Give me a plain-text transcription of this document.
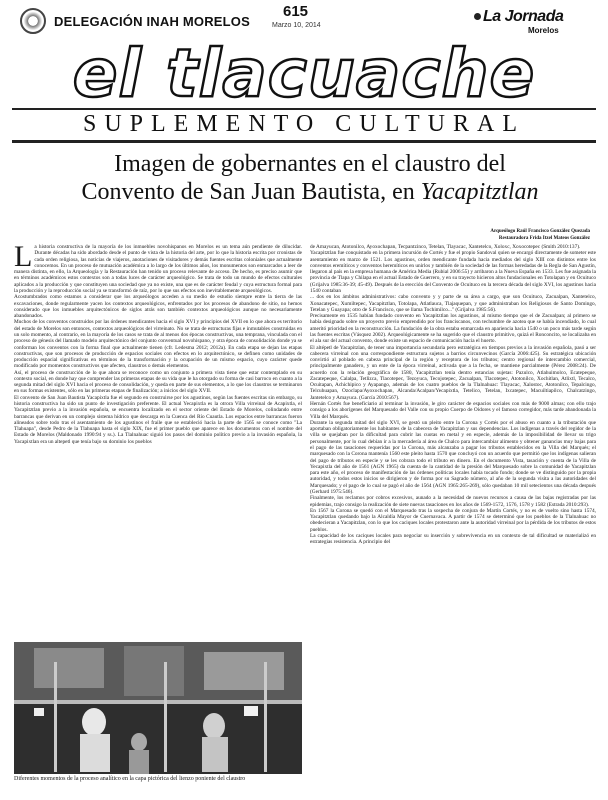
DELEGACIÓN INAH MORELOS
615
Marzo 10, 2014
La Jornada
Morelos
el tlacuache
SUPLEMENTO CULTURAL
Imagen de gobernantes en el claustro del
Convento de San Juan Bautista, en Yacapitztlan
Arqueólogo Raúl Francisco González Quezada
Restauradora Frida Itzel Mateos González

La historia constructiva de la mayoría de los inmuebles novohispanos en Morelos es un tema aún pendiente de dilucidar. Durante décadas ha sido abordado desde el punto de vista de la historia del arte, por lo que la historia escrita por cronistas de cada orden religiosa, las noticias de viajeros, anotaciones de visitadores y demás fuentes escritas coloniales que actualmente conocemos. En un proceso de mutuación académica a lo largo de los últimos años, los monumentos son enmarcados a leer de manera distinta, en ello, la Arqueología y la Restauración han tenido un proceso relevante de acceso. De hecho, es preciso asumir que en términos académicos estos contextos son a todas luces de carácter arqueológico. Se trata de todo un mundo de efectos culturales aplicados a la producción y que constituyen una sociedad que ya no existe, una que es de carácter feudal y cuya estructura formal para la producción y la reproducción social ya se transformó de raíz, por lo que sus efectos son inevitablemente arqueológicos.

Acostumbrados como estamos a considerar que los arqueólogos acceden a su medio de estudio siempre entre la tierra de las excavaciones, donde regularmente yacen los contextos arqueológicos, enfrentados por los procesos de abandono de sitio, no hemos considerado que los inmuebles arquitectónicos de siglos atrás son también contextos arqueológicos aunque no necesariamente abandonados.

Muchos de los conventos construidos por las órdenes mendicantes hacia el siglo XVI y principios del XVII en lo que ahora es territorio del estado de Morelos son entonces, contextos arqueológicos del virreinato. No se trata de estructuras fijas e inmutables construidas en un solo momento, al contrario, en la mayoría de los casos se trata de al menos dos épocas constructivas, una temprana, vinculada con el proceso de génesis del llamado modelo arquitectónico del conjunto conventual novohispano, y otra época de consolidación donde ya se conforman los conventos con la forma final que actualmente tienen (cfr. Ledesma 2012; 2012a). En cada etapa se dejan las etapas constructivas, que son procesos de producción de espacios sociales con efectos en lo arquitectónico, se definen como unidades de producción espacial significativas en términos de la transformación y la ocupación de un mismo espacio, cuyo carácter quede modificado por momentos constructivos que afecten, claustros o demás elementos.

Así, el proceso de construcción de lo que ahora se reconoce como un conjunto a primera vista tiene que estar contemplado en su contexto social, en donde hay que comprender las primeras etapas de su vida que le ha otorgado su forma de casi barroco en cuanto a la segunda mitad del siglo XVI hacia el proceso de consolidación, y queda en parte de sus elementos, a lo que los claustros se terminaron en sus formas existentes, sólo en las primeras etapas de finalización; a inicios del siglo XVII.

El convento de San Juan Bautista Yacapixtla fue el segundo en construirse por los agustinos, según las fuentes escritas sin embargo, su historia constructiva ha sido un punto de investigación preferente. El actual Yecapixtla es la otrora Villa virreinal de Acapixtla, el Yacapitztlan previo a la invasión española, se encuentra localizado en el sector oriente del Estado de Morelos, colindando entre barrancas que derivan en un complejo sistema hídrico que descarga en la Cuenca del Río Cuautla. Los espacios entre barrancas fueron alineados sobre todo tras el asentamiento de los agustinos el fraile que se estableció hacia la parte de 1565 se conoce como "La Tlahuapa", desde Pedro de la Tlahuapa hasta el siglo XIX, fue el primer pueblo que aparece en los documentos con el nombre del Estado de Morelos (Maldonado 1990:94 y ss.). La Tlalnahuac siguió los pasos del dominio político previo a la invasión española, la Yacapixtlan era un altepetl que tenía bajo su dominio los pueblos

de Amayucan, Atotonilco, Ayoxochapan, Tecpantzinco, Tetelan, Tlayacac, Xantetelco, Xoloxc, Xoxocotepec (Smith 2010:137).

Yacapitztlan fue conquistado en la primera incursión de Cortés y fue el propio Sandoval quien se encargó directamente de someter este asentamiento en marzo de 1521. Los agustinos, orden mendicante fundada hacia mediados del siglo XIII con distintos entre los conventos eremíticos y conventos heremíticos en unirlos y también de la sociedad de las formas heredadas de la Regla de San Agustín, llegaron al país en la empresa humana de América Media (Rubial 2006:55) y arribaron a la Nueva España en 1533. Les fue asignada la provincia de Tlapa y Chilapa en el actual Estado de Guerrero, y en su trayecto hicieron altos fundacionales en Totolapan y en Ocuituco (Grijalva 1985:36-39; 45-49). Después de la erección del Convento de Ocuituco en la tercera década del siglo XVI, los agustinos hacia 1540 contaban

... dos en los ámbitos administrativos: cabo convento y y parte de su área a cargo, que son Ocuituco, Zacualpan, Xantetelco, Xonacatepec, Xumiltepec, Yacapitztlan, Totolapa, Atlatlauca, Tlajaquepan, y que administraban los Religiosos de Santo Domingo, Tetelan y Guayapa; otro de S.Francisco, que se llama Tochimilco..." (Grijalva 1985:56).

Precisamente en 1535 habían fundado convento en Yacapitztlan los agustinos, al mismo tiempo que el de Zacualpan; al primero se había designado sobre un proyecto previo emprendido por los franciscanos, con techumbre de azotea que se había incendiado, lo cual ameritó prioridad en la reconstrucción. La fundación de la obra estaba enmarcada en apariencia hacia 1540 o un poco más tarde según las fuentes escritas (Vásquez 2002). Arqueológicamente se ha sugerido que el claustro primitivo, quizá el Ronconcito, se localizaba en el ala sur del actual convento, donde existe un espacio de comunicación hacia el huerto.

El altépetl de Yacapitzlan, de tener una importancia secundaria pero estratégica en tiempos previos a la invasión española, pasó a ser cabecera virreinal con una correspondiente estructura sujetos a barrios circunvecinos (García 2006:425). Su estratégica ubicación convirtió al poblado en cabeza principal de la región y receptora de los tributos; centro regional de intercambio comercial, principalmente ganadero, y un ente de la época virreinal, activada que a la fecha, se mantiene parcialmente (Pérez 2008:24). De acuerdo con la relación geográfica de 1580, Yacapitztlan tenía dentro estancias sujetas: Pazulco, Atlahuimolco, Ecatepeque, Zacatepeque, Calalpa, Tetlizca, Tlacotepec, Tezoyuca, Tecojotepec, Zacualpan, Tlacotepec, Atotonilco, Xochitlan, Atlixtl, Tecalco, Ocuitapan, Achichipico y Ayapango, además de los cuatro pueblos de la Tlalnahuac: Tlayacac, Xalostoc, Atotonilco, Tepalcingo, Telcuhuapan, Ozoclapa/Ayoxochapan, Alcanda/Acalpan/Yecapixtla, Tetelico, Tetelan, Ixcatepec, Macuiltiapilco, Chalcatzingo, Jantetelco y Amayuca. (García 2010:567).

Hernán Cortés fue beneficiario al terminar la invasión, le giro carácter de espacios sociales con más de 9000 almas; con ello trajo consigo a los aborígenes del Marquesado del Valle con su propio Cuerpo de Oidores y el famoso corregidor, más tarde abandonada la Villa del Marqués.

Durante la segunda mitad del siglo XVI, se gestó un pleito entre la Corona y Cortés por el abuso en cuanto a la tributación que aportaban obligatoriamente los habitantes de la cabecera de Yacapitzlan y sus dependencias. Los indígenas a través del regidor de la villa se quejaban por la dificultad para cubrir las cuotas en metal y en especie, además de la imposibilidad de llevar su trigo personalmente, por lo cual debían ir a la mercadería al área de Chalco para intercambiar alimento y obtener ganancias muy bajas para el pago de las tasaciones requeridas por la Corona, más alcanzaba a pagar los tributos establecidos en la Villa del Marqués; el marquesado con la Corona mantenía 1560 este pleito hasta 1570 que concluyó con un acuerdo que permitió que los indígenas salieran del pago de tributos en especie y se les cobrara todo el tributo en dinero. En el documento Vista, tasación y cuenta de la Villa de Yecapixtla del año de 1561 (AGN 1965) da cuenta de la cantidad de la presión del Marquesado sobre la comunidad de Yacapitzlan para este año, el proceso de manifestación de las órdenes políticas locales había tocado fondo; donde se ve distinguido por la propia autoridad, y todos estos inicios se dirigieron y de forma por su Sagrado número, al año de la segunda visita a las autoridades del Marquesado; y el pago de lo cual se pagó el año de 1564 (AGN 1965:265-269), sólo quedaban 10 mil setecientos una década después (Gerhard 1975:546).

Finalmente, los reclamos por cobros excesivos, aunado a la necesidad de nuevos recursos a causa de las bajas registradas por las epidemias, trajo consigo la realización de siete nuevas tasaciones en los años de 1569-1572, 1576, 1578 y 1582 (Estrada 2010:293).

En 1567 la Corona se quedó con el Marquesado tras la sospecha de conjura de Martín Cortés, y no es de vuelto sino hasta 1574, Yacapitztlan quedando bajo la Alcaldía Mayor de Cuernavaca. A partir de 1574 se determinó que los pueblos de la Tlalnahuac no obedecieran a Yacapitzlan, con lo que los caciques locales protestaron ante la autoridad virreinal por la pérdida de los tributos de estos pueblos.

La capacidad de los caciques locales para negociar su inserción y sobrevivencia en un contexto de tal dificultad se materializó en estrategias resistencia. A principio del

Diferentes momentos de la proceso analítico en la capa pictórica del lienzo poniente del claustro
